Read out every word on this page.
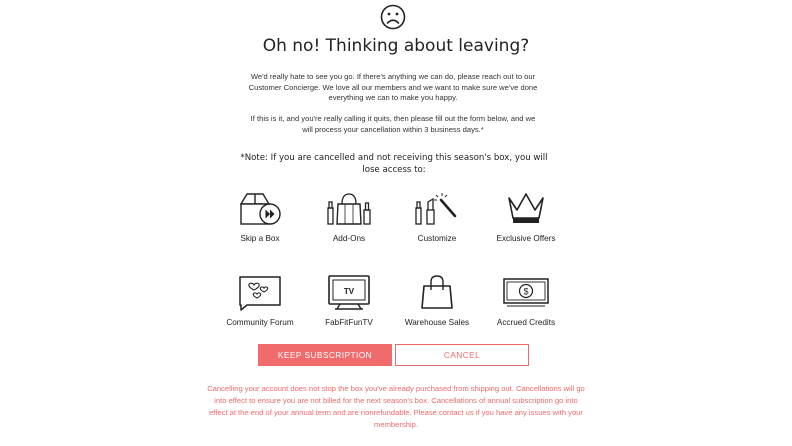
Oh no! Thinking about leaving?
We'd really hate to see you go. If there's anything we can do, please reach out to our Customer Concierge. We love all our members and we want to make sure we've done everything we can to make you happy.
If this is it, and you're really calling it quits, then please fill out the form below, and we will process your cancellation within 3 business days.*
*Note: If you are cancelled and not receiving this season's box, you will lose access to:
Skip a Box	Add-Ons	Customize	Exclusive Offers
Community Forum
TV
FabFitFunTV	Warehouse Sales
$
Accrued Credits
KEEP SUBSCRIPTION	CANCEL
Cancelling your account does not stop the box you've already purchased from shipping out. Cancellations will go into effect to ensure you are not billed for the next season's box. Cancellations of annual subscription go into effect at the end of your annual term and are nonrefundable. Please contact us if you have any issues with your membership.
